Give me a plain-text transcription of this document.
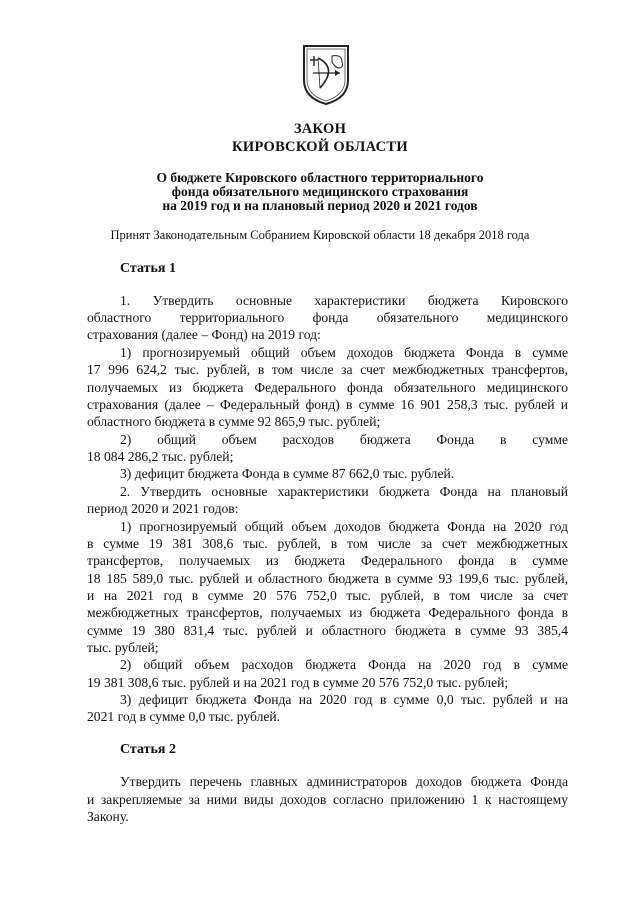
ЗАКОН
КИРОВСКОЙ ОБЛАСТИ
О бюджете Кировского областного территориального
фонда обязательного медицинского страхования
на 2019 год и на плановый период 2020 и 2021 годов
Принят Законодательным Собранием Кировской области 18 декабря 2018 года
Статья 1
1. Утвердить основные характеристики бюджета Кировского
областного территориального фонда обязательного медицинского
страхования (далее – Фонд) на 2019 год:
1) прогнозируемый общий объем доходов бюджета Фонда в сумме
17 996 624,2 тыс. рублей, в том числе за счет межбюджетных трансфертов,
получаемых из бюджета Федерального фонда обязательного медицинского
страхования (далее – Федеральный фонд) в сумме 16 901 258,3 тыс. рублей и
областного бюджета в сумме 92 865,9 тыс. рублей;
2) общий объем расходов бюджета Фонда в сумме
18 084 286,2 тыс. рублей;
3) дефицит бюджета Фонда в сумме 87 662,0 тыс. рублей.
2. Утвердить основные характеристики бюджета Фонда на плановый
период 2020 и 2021 годов:
1) прогнозируемый общий объем доходов бюджета Фонда на 2020 год
в сумме 19 381 308,6 тыс. рублей, в том числе за счет межбюджетных
трансфертов, получаемых из бюджета Федерального фонда в сумме
18 185 589,0 тыс. рублей и областного бюджета в сумме 93 199,6 тыс. рублей,
и на 2021 год в сумме 20 576 752,0 тыс. рублей, в том числе за счет
межбюджетных трансфертов, получаемых из бюджета Федерального фонда в
сумме 19 380 831,4 тыс. рублей и областного бюджета в сумме 93 385,4
тыс. рублей;
2) общий объем расходов бюджета Фонда на 2020 год в сумме
19 381 308,6 тыс. рублей и на 2021 год в сумме 20 576 752,0 тыс. рублей;
3) дефицит бюджета Фонда на 2020 год в сумме 0,0 тыс. рублей и на
2021 год в сумме 0,0 тыс. рублей.
Статья 2
Утвердить перечень главных администраторов доходов бюджета Фонда
и закрепляемые за ними виды доходов согласно приложению 1 к настоящему
Закону.
